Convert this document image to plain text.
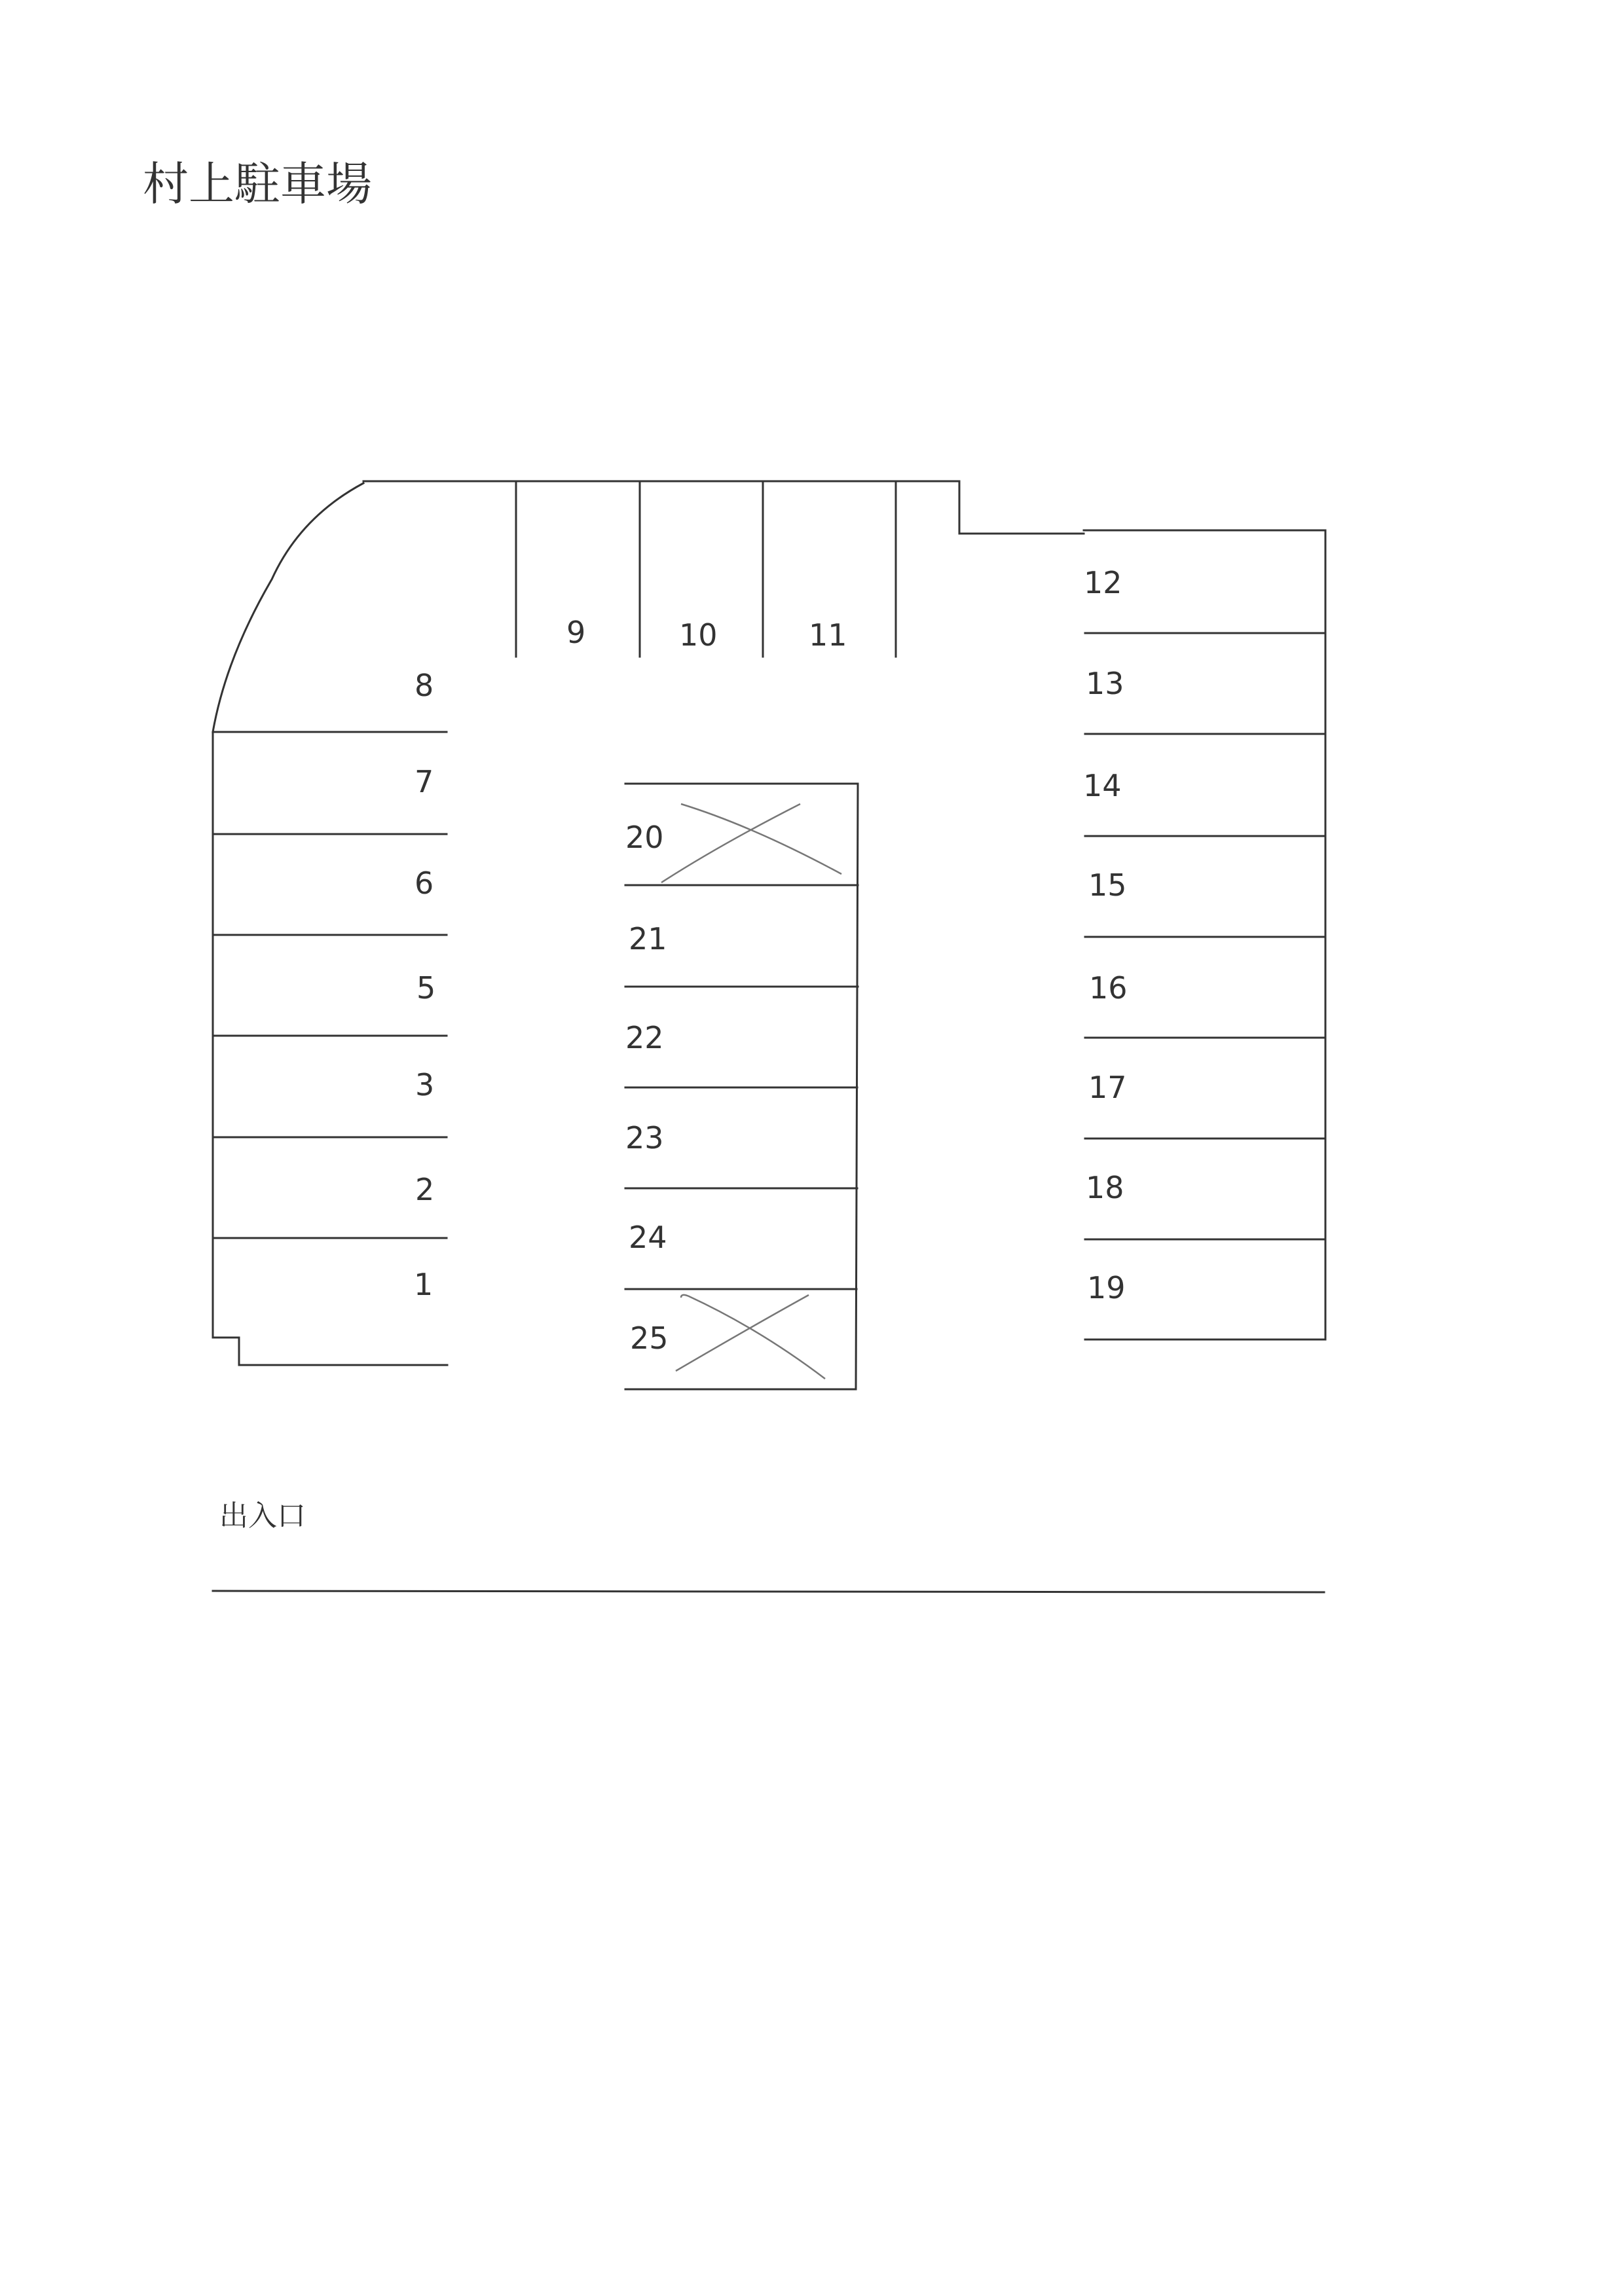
村上駐車場
8
7
6
5
3
2
1
9	10	11
12
13
14
15
16
17
18
19
20
21
22
23
24
25
出入口
